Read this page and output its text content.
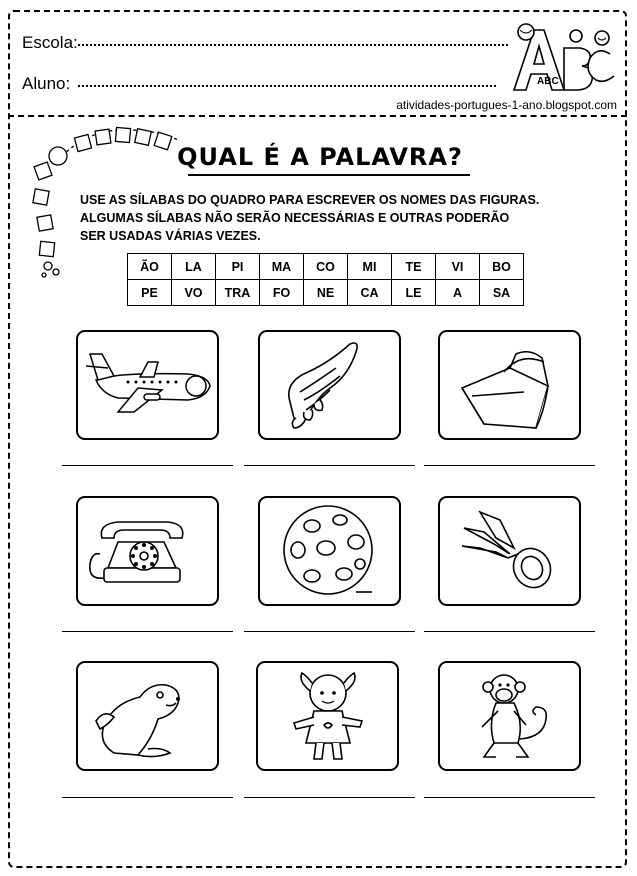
Escola:
Aluno:	ABC
atividades-portugues-1-ano.blogspot.com
QUAL É A PALAVRA?
USE AS SÍLABAS DO QUADRO PARA ESCREVER OS NOMES DAS FIGURAS.
ALGUMAS SÍLABAS NÃO SERÃO NECESSÁRIAS E OUTRAS PODERÃO
SER USADAS VÁRIAS VEZES.
ÃO	LA	PI	MA	CO	MI	TE	VI	BO
PE	VO	TRA	FO	NE	CA	LE	A	SA
